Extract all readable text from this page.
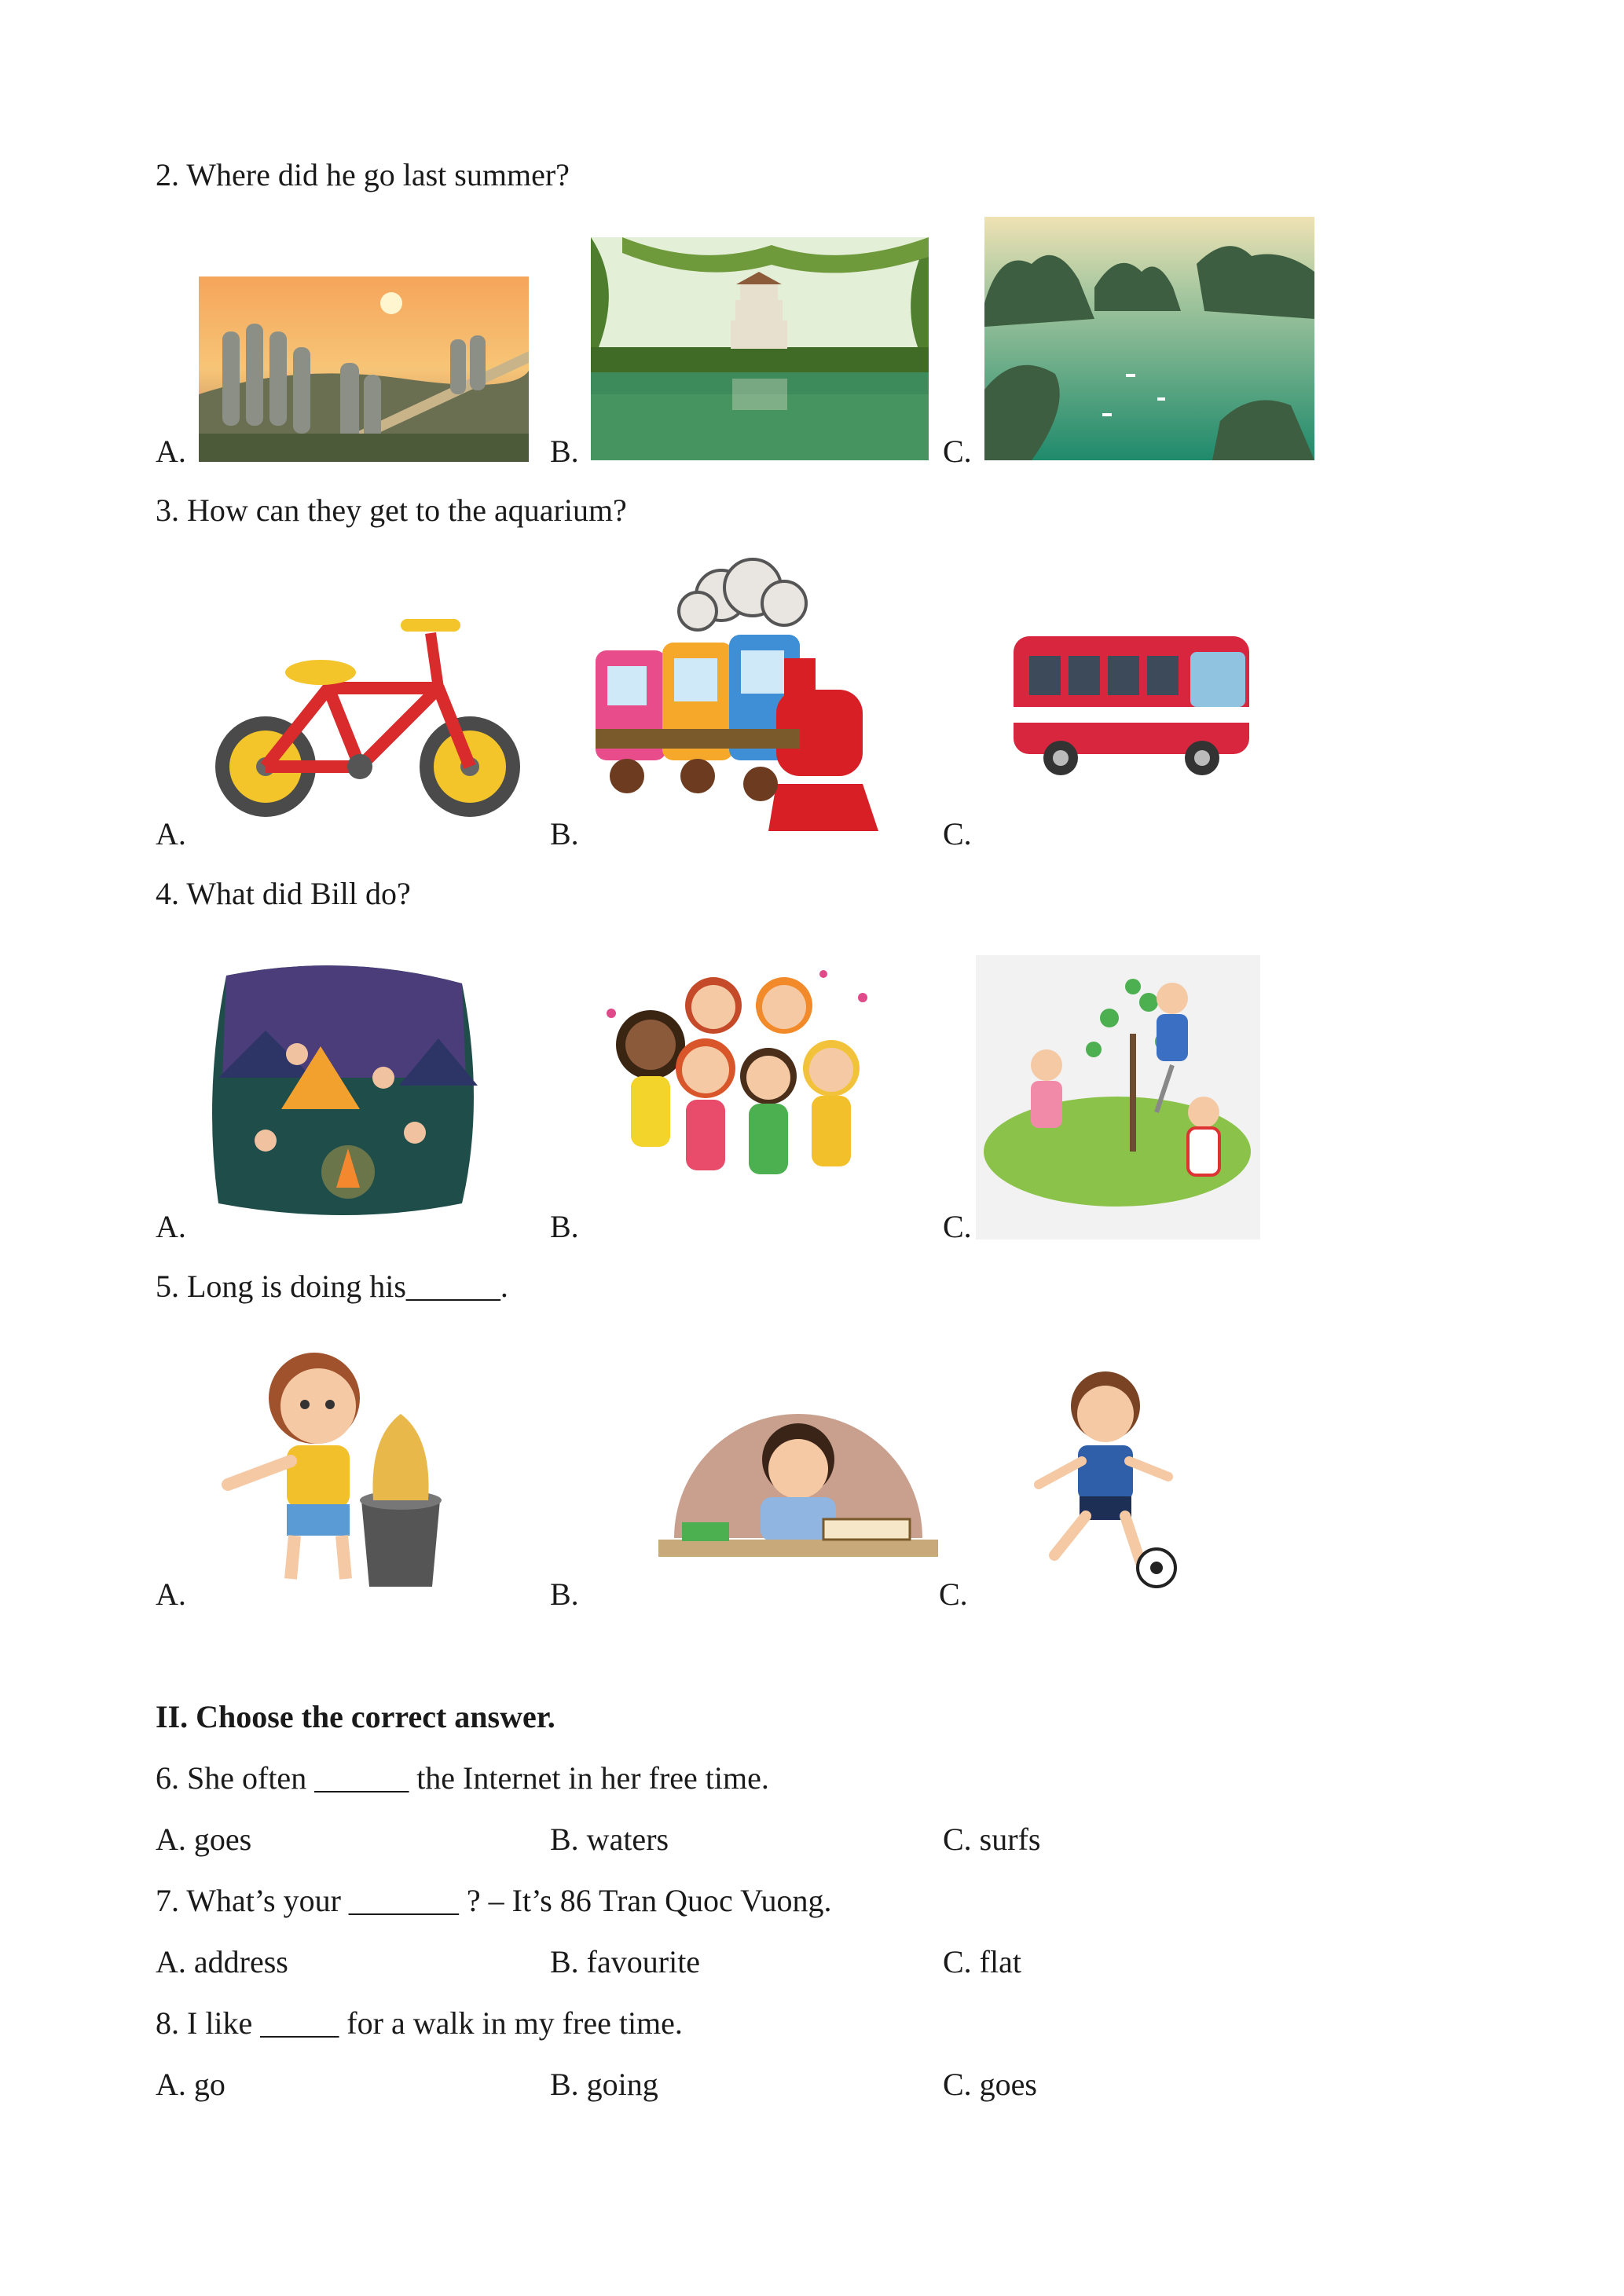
2. Where did he go last summer?
A.	B.	C.
3. How can they get to the aquarium?
A.	B.	C.
4. What did Bill do?
A.	B.	C.
5. Long is doing his______.
A.	B.	C.
II. Choose the correct answer.
6. She often ______ the Internet in her free time.
A. goes	B. waters	C. surfs
7. What’s your _______ ? – It’s 86 Tran Quoc Vuong.
A. address	B. favourite	C. flat
8. I like _____ for a walk in my free time.
A. go	B. going	C. goes
